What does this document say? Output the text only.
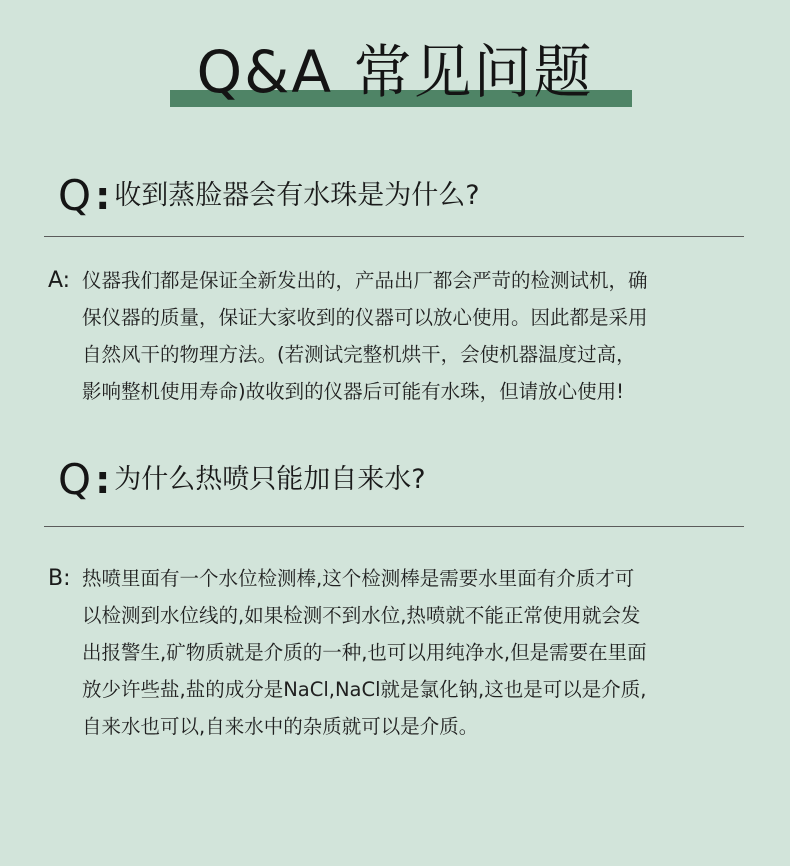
Q&A 常见问题
Q : 收到蒸脸器会有水珠是为什么?
A: 仪器我们都是保证全新发出的，产品出厂都会严苛的检测试机，确
保仪器的质量，保证大家收到的仪器可以放心使用。因此都是采用
自然风干的物理方法。(若测试完整机烘干，会使机器温度过高，
影响整机使用寿命)故收到的仪器后可能有水珠，但请放心使用!
Q : 为什么热喷只能加自来水?
B: 热喷里面有一个水位检测棒,这个检测棒是需要水里面有介质才可
以检测到水位线的,如果检测不到水位,热喷就不能正常使用就会发
出报警生,矿物质就是介质的一种,也可以用纯净水,但是需要在里面
放少许些盐,盐的成分是NaCl,NaCl就是氯化钠,这也是可以是介质,
自来水也可以,自来水中的杂质就可以是介质。
